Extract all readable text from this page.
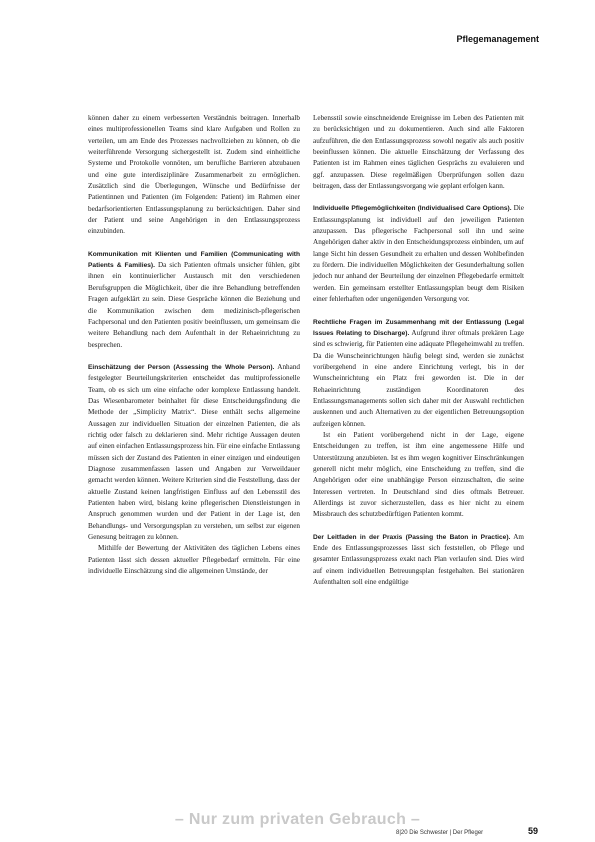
Pflegemanagement

können daher zu einem verbesserten Verständnis beitragen. Innerhalb eines multiprofessionellen Teams sind klare Aufgaben und Rollen zu verteilen, um am Ende des Prozesses nachvollziehen zu können, ob die weiterführende Versorgung sichergestellt ist. Zudem sind einheitliche Systeme und Protokolle vonnöten, um berufliche Barrieren abzubauen und eine gute interdisziplinäre Zusammenarbeit zu ermöglichen. Zusätzlich sind die Überlegungen, Wünsche und Bedürfnisse der Patientinnen und Patienten (im Folgenden: Patient) im Rahmen einer bedarfsorientierten Entlassungsplanung zu berücksichtigen. Daher sind der Patient und seine Angehörigen in den Entlassungsprozess einzubinden.

Kommunikation mit Klienten und Familien (Communicating with Patients & Families). Da sich Patienten oftmals unsicher fühlen, gibt ihnen ein kontinuierlicher Austausch mit den verschiedenen Berufsgruppen die Möglichkeit, über die ihre Behandlung betreffenden Fragen aufgeklärt zu sein. Diese Gespräche können die Beziehung und die Kommunikation zwischen dem medizinisch-pflegerischen Fachpersonal und den Patienten positiv beeinflussen, um gemeinsam die weitere Behandlung nach dem Aufenthalt in der Rehaeinrichtung zu besprechen.

Einschätzung der Person (Assessing the Whole Person). Anhand festgelegter Beurteilungskriterien entscheidet das multiprofessionelle Team, ob es sich um eine einfache oder komplexe Entlassung handelt. Das Wiesenbarometer beinhaltet für diese Entscheidungsfindung die Methode der „Simplicity Matrix“. Diese enthält sechs allgemeine Aussagen zur individuellen Situation der einzelnen Patienten, die als richtig oder falsch zu deklarieren sind. Mehr richtige Aussagen deuten auf einen einfachen Entlassungsprozess hin. Für eine einfache Entlassung müssen sich der Zustand des Patienten in einer einzigen und eindeutigen Diagnose zusammenfassen lassen und Angaben zur Verweildauer gemacht werden können. Weitere Kriterien sind die Feststellung, dass der aktuelle Zustand keinen langfristigen Einfluss auf den Lebensstil des Patienten haben wird, bislang keine pflegerischen Dienstleistungen in Anspruch genommen wurden und der Patient in der Lage ist, den Behandlungs- und Versorgungsplan zu verstehen, um selbst zur eigenen Genesung beitragen zu können.

Mithilfe der Bewertung der Aktivitäten des täglichen Lebens eines Patienten lässt sich dessen aktueller Pflegebedarf ermitteln. Für eine individuelle Einschätzung sind die allgemeinen Umstände, der

Lebensstil sowie einschneidende Ereignisse im Leben des Patienten mit zu berücksichtigen und zu dokumentieren. Auch sind alle Faktoren aufzuführen, die den Entlassungsprozess sowohl negativ als auch positiv beeinflussen können. Die aktuelle Einschätzung der Verfassung des Patienten ist im Rahmen eines täglichen Gesprächs zu evaluieren und ggf. anzupassen. Diese regelmäßigen Überprüfungen sollen dazu beitragen, dass der Entlassungsvorgang wie geplant erfolgen kann.

Individuelle Pflegemöglichkeiten (Individualised Care Options). Die Entlassungsplanung ist individuell auf den jeweiligen Patienten anzupassen. Das pflegerische Fachpersonal soll ihn und seine Angehörigen daher aktiv in den Entscheidungsprozess einbinden, um auf lange Sicht hin dessen Gesundheit zu erhalten und dessen Wohlbefinden zu fördern. Die individuellen Möglichkeiten der Gesunderhaltung sollen jedoch nur anhand der Beurteilung der einzelnen Pflegebedarfe ermittelt werden. Ein gemeinsam erstellter Entlassungsplan beugt dem Risiken einer fehlerhaften oder ungenügenden Versorgung vor.

Rechtliche Fragen im Zusammenhang mit der Entlassung (Legal Issues Relating to Discharge). Aufgrund ihrer oftmals prekären Lage sind es schwierig, für Patienten eine adäquate Pflegeheimwahl zu treffen. Da die Wunscheinrichtungen häufig belegt sind, werden sie zunächst vorübergehend in eine andere Einrichtung verlegt, bis in der Wunscheinrichtung ein Platz frei geworden ist. Die in der Rehaeinrichtung zuständigen Koordinatoren des Entlassungsmanagements sollen sich daher mit der Auswahl rechtlichen auskennen und auch Alternativen zu der eigentlichen Betreuungsoption aufzeigen können.

Ist ein Patient vorübergehend nicht in der Lage, eigene Entscheidungen zu treffen, ist ihm eine angemessene Hilfe und Unterstützung anzubieten. Ist es ihm wegen kognitiver Einschränkungen generell nicht mehr möglich, eine Entscheidung zu treffen, sind die Angehörigen oder eine unabhängige Person einzuschalten, die seine Interessen vertreten. In Deutschland sind dies oftmals Betreuer. Allerdings ist zuvor sicherzustellen, dass es hier nicht zu einem Missbrauch des schutzbedürftigen Patienten kommt.

Der Leitfaden in der Praxis (Passing the Baton in Practice). Am Ende des Entlassungsprozesses lässt sich feststellen, ob Pflege und gesamter Entlassungsprozess exakt nach Plan verlaufen sind. Dies wird auf einem individuellen Betreuungsplan festgehalten. Bei stationären Aufenthalten soll eine endgültige

– Nur zum privaten Gebrauch –
8|20 Die Schwester | Der Pfleger	59
